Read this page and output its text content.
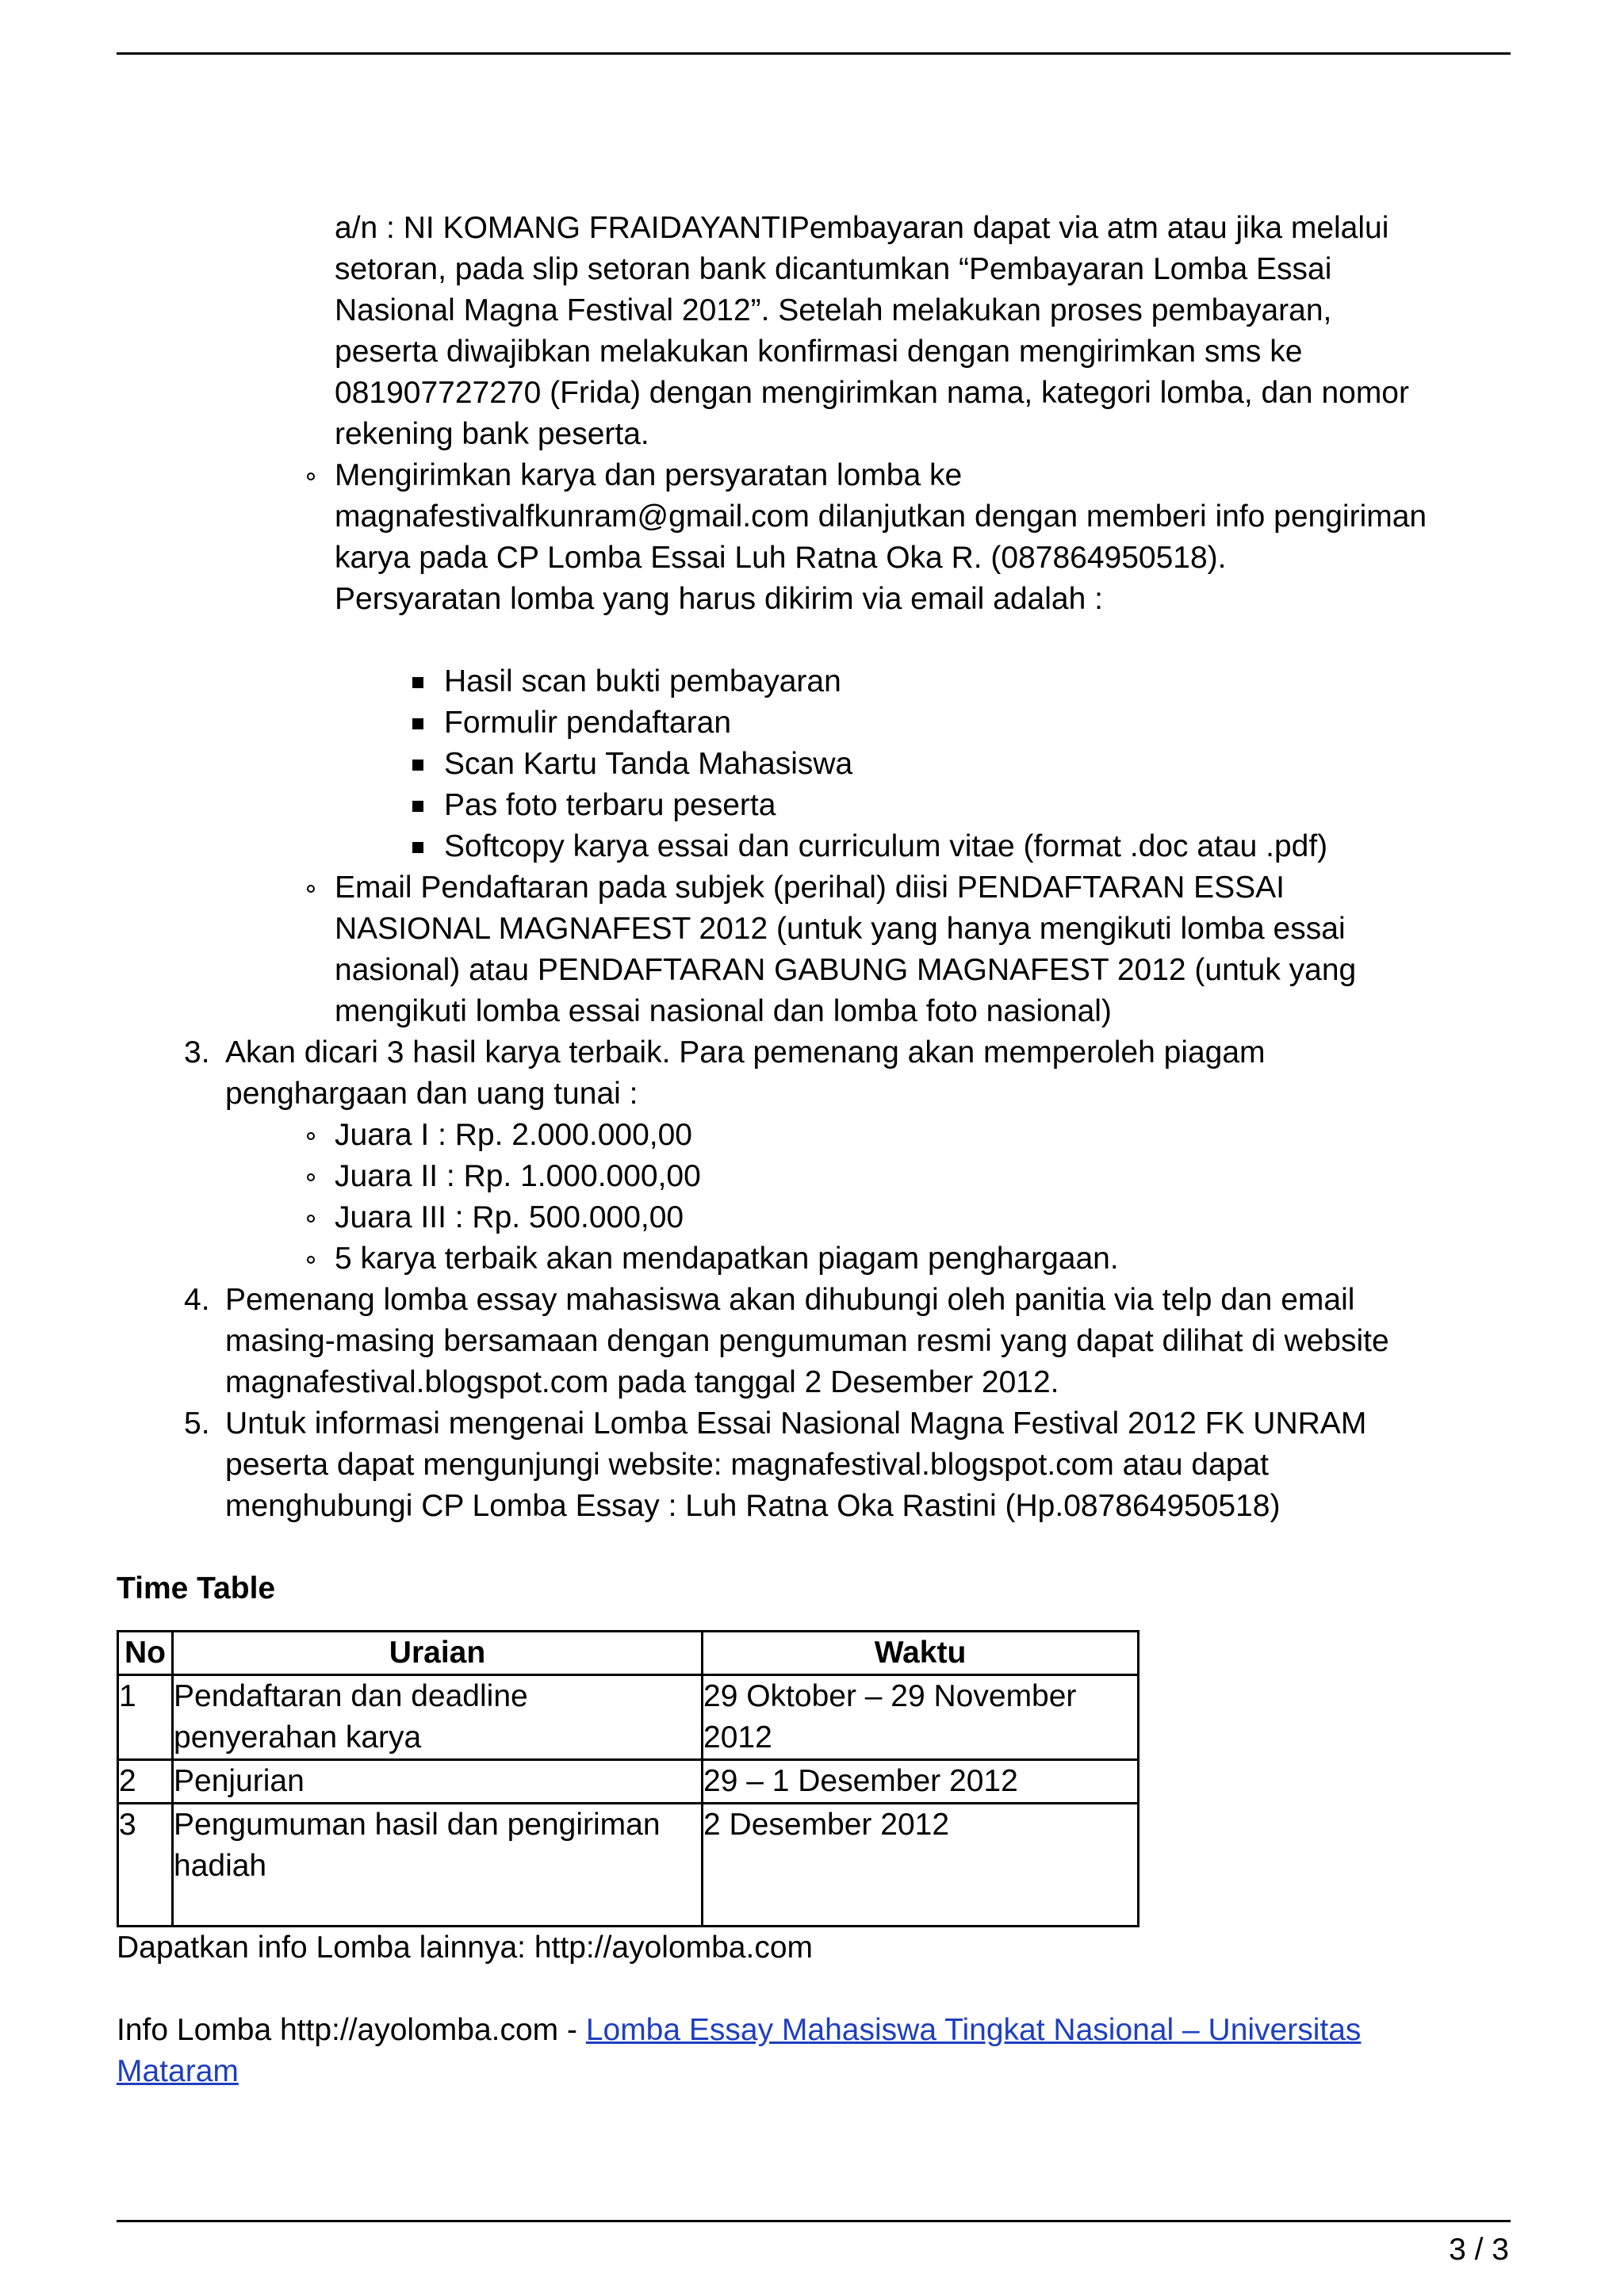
a/n : NI KOMANG FRAIDAYANTIPembayaran dapat via atm atau jika melalui
setoran, pada slip setoran bank dicantumkan “Pembayaran Lomba Essai
Nasional Magna Festival 2012”. Setelah melakukan proses pembayaran,
peserta diwajibkan melakukan konfirmasi dengan mengirimkan sms ke
081907727270 (Frida) dengan mengirimkan nama, kategori lomba, dan nomor
rekening bank peserta.
Mengirimkan karya dan persyaratan lomba ke
magnafestivalfkunram@gmail.com dilanjutkan dengan memberi info pengiriman
karya pada CP Lomba Essai Luh Ratna Oka R. (087864950518).
Persyaratan lomba yang harus dikirim via email adalah :
Hasil scan bukti pembayaran
Formulir pendaftaran
Scan Kartu Tanda Mahasiswa
Pas foto terbaru peserta
Softcopy karya essai dan curriculum vitae (format .doc atau .pdf)
Email Pendaftaran pada subjek (perihal) diisi PENDAFTARAN ESSAI
NASIONAL MAGNAFEST 2012 (untuk yang hanya mengikuti lomba essai
nasional) atau PENDAFTARAN GABUNG MAGNAFEST 2012 (untuk yang
mengikuti lomba essai nasional dan lomba foto nasional)
3. Akan dicari 3 hasil karya terbaik. Para pemenang akan memperoleh piagam
penghargaan dan uang tunai :
Juara I : Rp. 2.000.000,00
Juara II : Rp. 1.000.000,00
Juara III : Rp. 500.000,00
5 karya terbaik akan mendapatkan piagam penghargaan.
4. Pemenang lomba essay mahasiswa akan dihubungi oleh panitia via telp dan email
masing-masing bersamaan dengan pengumuman resmi yang dapat dilihat di website
magnafestival.blogspot.com pada tanggal 2 Desember 2012.
5. Untuk informasi mengenai Lomba Essai Nasional Magna Festival 2012 FK UNRAM
peserta dapat mengunjungi website: magnafestival.blogspot.com atau dapat
menghubungi CP Lomba Essay : Luh Ratna Oka Rastini (Hp.087864950518)
Time Table
No	Uraian	Waktu
1	Pendaftaran dan deadline
penyerahan karya	29 Oktober – 29 November
2012

2	Penjurian	29 – 1 Desember 2012

3	Pengumuman hasil dan pengiriman
hadiah	2 Desember 2012
Dapatkan info Lomba lainnya: http://ayolomba.com
Info Lomba http://ayolomba.com - Lomba Essay Mahasiswa Tingkat Nasional – Universitas
Mataram
3 / 3
